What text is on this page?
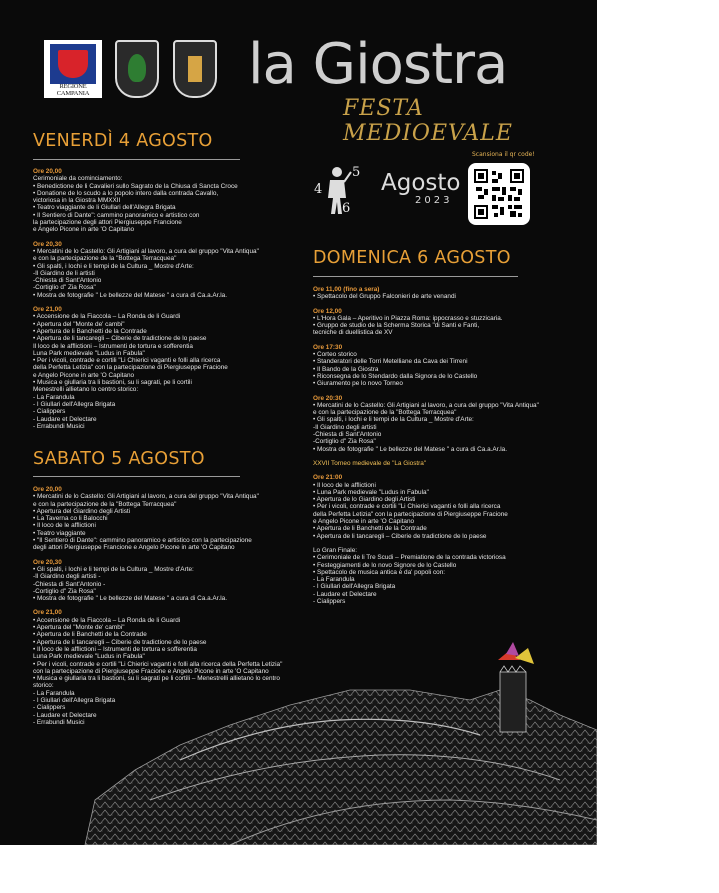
REGIONE CAMPANIA	la Giostra
FESTA MEDIOEVALE
4
5
6
Agosto
2023
Scansiona il qr code!
VENERDÌ 4 AGOSTO
Ore 20,00
Cerimoniale da cominciamento:
• Benedictione de li Cavalieri sullo Sagrato de la Chiusa di Sancta Croce
• Donatione de lo scudo a lo popolo intero dalla contrada Cavallo,
victoriosa in la Giostra MMXXII
• Teatro viaggiante de li Giullari dell'Allegra Brigata
• Il Sentiero di Dante": cammino panoramico e artistico con
la partecipazione degli attori Piergiuseppe Francione
e Angelo Picone in arte 'O Capitano
Ore 20,30
• Mercatini de lo Castello: Gli Artigiani al lavoro, a cura del gruppo "Vita Antiqua"
e con la partecipazione de la "Bottega Terracquea"
• Gli spalti, i Iochi e li tempi de la Cultura _ Mostre d'Arte:
-Il Giardino de li artisti
-Chiesta di Sant'Antonio
-Cortiglio d" Zia Rosa"
• Mostra de fotografie " Le bellezze del Matese " a cura di Ca.a.Ar.la.
Ore 21,00
• Accensione de la Fiaccola – La Ronda de li Guardi
• Apertura del "Monte de' cambi"
• Apertura de li Banchetti de la Contrade
• Apertura de li tancaregli – Ciberie de tradictione de lo paese
Il loco de le afflictioni – Istrumenti de tortura e sofferentia
Luna Park medievale "Ludus in Fabula"
• Per i vicoli, contrade e cortili "Li Chierici vaganti e folli alla ricerca
della Perfetta Letizia" con la partecipazione di Piergiuseppe Fracione
e Angelo Picone in arte 'O Capitano
• Musica e giullaria tra li bastioni, su li sagrati, pe li cortili
Menestrelli allietano lo centro storico:
- La Farandula
- I Giullari dell'Allegra Brigata
- Cialippers
- Laudare et Delectare
- Errabundi Musici
SABATO 5 AGOSTO
Ore 20,00
• Mercatini de lo Castello: Gli Artigiani al lavoro, a cura del gruppo "Vita Antiqua"
e con la partecipazione de la "Bottega Terracquea"
• Apertura del Giardino degli Artisti
• La Taverna co li Balocchi
• Il loco de le afflictioni
• Teatro viaggiante
• "Il Sentiero di Dante": cammino panoramico e artistico con la partecipazione
degli attori Piergiuseppe Francione e Angelo Picone in arte 'O Capitano
Ore 20,30
• Gli spalti, i Iochi e li tempi de la Cultura _ Mostre d'Arte:
-Il Giardino degli artisti -
-Chiesta di Sant'Antonio -
-Cortiglio d" Zia Rosa"
• Mostra de fotografie " Le bellezze del Matese " a cura di Ca.a.Ar.la.
Ore 21,00
• Accensione de la Fiaccola – La Ronda de li Guardi
• Apertura del "Monte de' cambi"
• Apertura de li Banchetti de la Contrade
• Apertura de li tancaregli – Ciberie de tradictione de lo paese
• Il loco de le afflictioni – Istrumenti de tortura e sofferentia
Luna Park medievale "Ludus in Fabula"
• Per i vicoli, contrade e cortili "Li Chierici vaganti e folli alla ricerca della Perfetta Letizia"
con la partecipazione di Piergiuseppe Fracione e Angelo Picone in arte 'O Capitano
• Musica e giullaria tra li bastioni, su li sagrati pe li cortili – Menestrelli allietano lo centro
storico:
- La Farandula
- I Giullari dell'Allegra Brigata
- Cialippers
- Laudare et Delectare
- Errabundi Musici
DOMENICA 6 AGOSTO
Ore 11,00 (fino a sera)
• Spettacolo del Gruppo Falconieri de arte venandi
Ore 12,00
• L'Hora Gala – Aperitivo in Piazza Roma: ippocrasso e stuzzicaria.
• Gruppo de studio de la Scherma Storica "di Santi e Fanti,
tecniche di duellistica de XV
Ore 17:30
• Corteo storico
• Standeratori delle Torri Metelliane da Cava dei Tirreni
• Il Bando de la Giostra
• Riconsegna de lo Stendardo dalla Signora de lo Castello
• Giuramento pe lo novo Torneo
Ore 20:30
• Mercatini de lo Castello: Gli Artigiani al lavoro, a cura del gruppo "Vita Antiqua"
e con la partecipazione de la "Bottega Terracquea"
• Gli spalti, i Iochi e li tempi de la Cultura _ Mostre d'Arte:
-Il Giardino degli artisti
-Chiesta di Sant'Antonio
-Cortiglio d" Zia Rosa"
• Mostra de fotografie " Le bellezze del Matese " a cura di Ca.a.Ar.la.
XXVII Torneo medievale de "La Giostra"
Ore 21:00
• Il loco de le afflictioni
• Luna Park medievale "Ludus in Fabula"
• Apertura de lo Giardino degli Artisti
• Per i vicoli, contrade e cortili "Li Chierici vaganti e folli alla ricerca
della Perfetta Letizia" con la partecipazione di Piergiuseppe Fracione
e Angelo Picone in arte 'O Capitano
• Apertura de li Banchetti de la Contrade
• Apertura de li tancaregli – Ciberie de tradictione de lo paese
Lo Gran Finale:
• Cerimoniale de li Tre Scudi – Premiatione de la contrada victoriosa
• Festeggiamenti de lo novo Signore de lo Castello
• Spettacolo de musica antica è da' popoli con:
- La Farandula
- I Giullari dell'Allegra Brigata
- Laudare et Delectare
- Cialippers
